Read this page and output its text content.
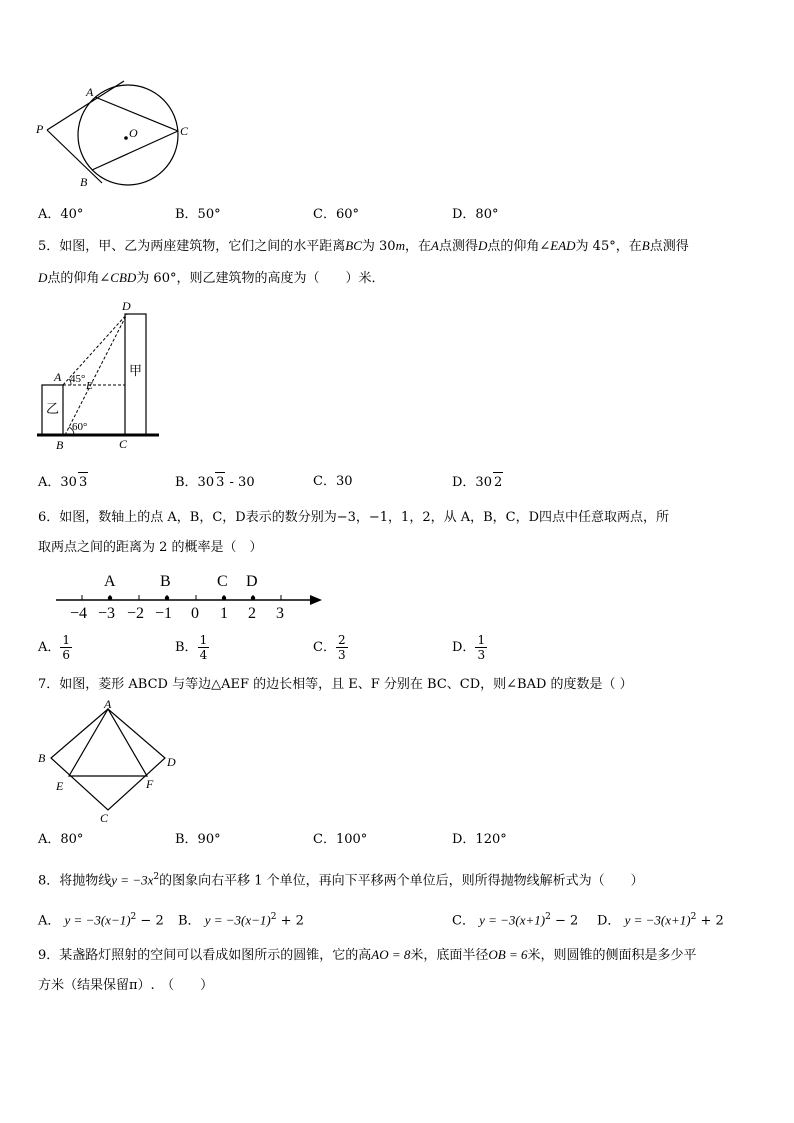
A
P	O	C
B
A．40°	B．50°	C．60°	D．80°
5．如图，甲、乙为两座建筑物，它们之间的水平距离BC为 30m，在A点测得D点的仰角∠EAD为 45°，在B点测得
D点的仰角∠CBD为 60°，则乙建筑物的高度为（　　）米．
D
A 45°
E
乙
甲
60°
B	C
A．30 3	B．30 3 - 30	C．30	D．30 2
6．如图，数轴上的点 A，B，C，D表示的数分别为−3，−1，1，2，从 A，B，C，D四点中任意取两点，所
取两点之间的距离为 2 的概率是（　）
A	B	C D
−4 −3 −2 −1 0 1 2 3
A． $\frac{1}{6}$	B． $\frac{1}{4}$	C． $\frac{2}{3}$	D． $\frac{1}{3}$
7．如图，菱形 ABCD 与等边△AEF 的边长相等，且 E、F 分别在 BC、CD，则∠BAD 的度数是（ ）
A
B	D
E	F
C
A．80°	B．90°	C．100°	D．120°
8．将抛物线$y = -3x^2$的图象向右平移 1 个单位，再向下平移两个单位后，则所得抛物线解析式为（　　）
A． $y = -3(x-1)^2 - 2$ B． $y = -3(x-1)^2 + 2$	C． $y = -3(x+1)^2 - 2$ D． $y = -3(x+1)^2 + 2$
9．某盏路灯照射的空间可以看成如图所示的圆锥，它的高AO = 8米，底面半径OB = 6米，则圆锥的侧面积是多少平
方米（结果保留π）.　（　　）
